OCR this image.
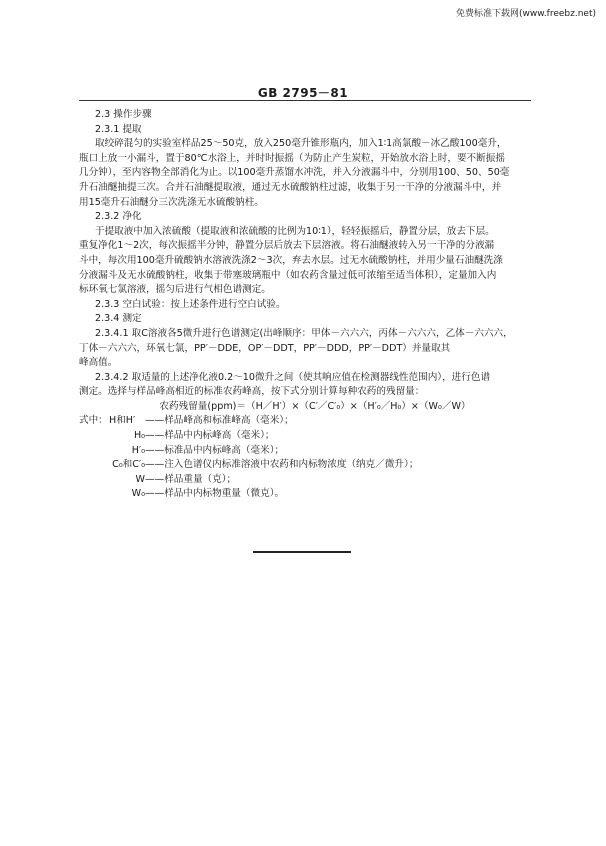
免费标准下载网(www.freebz.net)
GB 2795－81

2.3 操作步骤

2.3.1 提取

取绞碎混匀的实验室样品25～50克，放入250毫升锥形瓶内，加入1∶1高氯酸－冰乙酸100毫升，

瓶口上放一小漏斗，置于80℃水浴上，并时时振摇（为防止产生炭粒，开始放水浴上时，要不断振摇

几分钟），至内容物全部消化为止。以100毫升蒸馏水冲洗，并入分液漏斗中，分别用100、50、50毫

升石油醚抽提三次。合并石油醚提取液，通过无水硫酸钠柱过滤，收集于另一干净的分液漏斗中，并

用15毫升石油醚分三次洗涤无水硫酸钠柱。

2.3.2 净化

于提取液中加入浓硫酸（提取液和浓硫酸的比例为10∶1），轻轻振摇后，静置分层，放去下层。

重复净化1～2次，每次振摇半分钟，静置分层后放去下层溶液。将石油醚液转入另一干净的分液漏

斗中，每次用100毫升硫酸钠水溶液洗涤2～3次，弃去水层。过无水硫酸钠柱，并用少量石油醚洗涤

分液漏斗及无水硫酸钠柱，收集于带塞玻璃瓶中（如农药含量过低可浓缩至适当体积），定量加入内

标环氧七氯溶液，摇匀后进行气相色谱测定。

2.3.3 空白试验：按上述条件进行空白试验。

2.3.4 测定

2.3.4.1 取C溶液各5微升进行色谱测定(出峰顺序：甲体－六六六，丙体－六六六，乙体－六六六，

丁体－六六六，环氧七氯，PP′－DDE，OP′－DDT，PP′－DDD，PP′－DDT）并量取其

峰高值。

2.3.4.2 取适量的上述净化液0.2～10微升之间（使其响应值在检测器线性范围内），进行色谱

测定。选择与样品峰高相近的标准农药峰高，按下式分别计算每种农药的残留量：

农药残留量(ppm)＝（H／H′）×（C′／C′₀）×（H′₀／H₀）×（W₀／W）

式中： H和H′	——样品峰高和标准峰高（毫米）；
H₀ ——样品中内标峰高（毫米）；
H′₀ ——标准品中内标峰高（毫米）；
C₀和C′₀ ——注入色谱仪内标准溶液中农药和内标物浓度（纳克／微升）；
W ——样品重量（克）；
W₀ ——样品中内标物重量（微克）。
